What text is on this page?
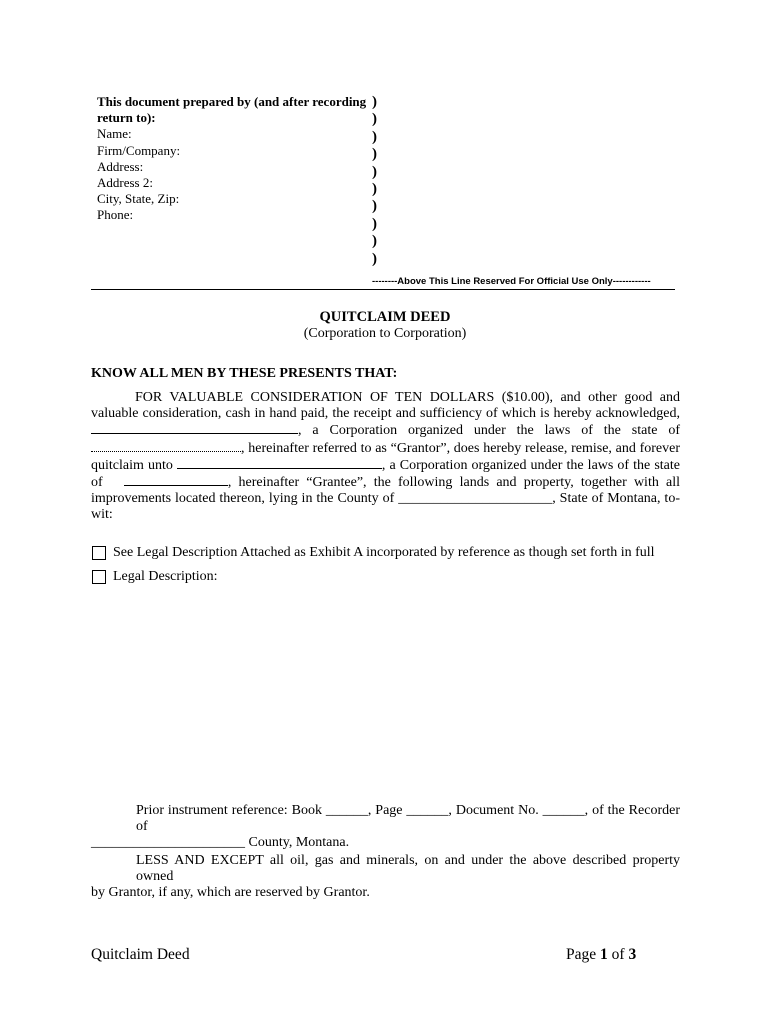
This document prepared by (and after recording
return to):
Name:
Firm/Company:
Address:
Address 2:
City, State, Zip:
Phone:
)
)
)
)
)
)
)
)
)
)
--------Above This Line Reserved For Official Use Only------------
QUITCLAIM DEED
(Corporation to Corporation)
KNOW ALL MEN BY THESE PRESENTS THAT:
FOR VALUABLE CONSIDERATION OF TEN DOLLARS ($10.00), and other good and
valuable consideration, cash in hand paid, the receipt and sufficiency of which is hereby acknowledged,
, a Corporation organized under the laws of the state of
, hereinafter referred to as “Grantor”, does hereby release, remise, and forever
quitclaim unto	, a Corporation organized under the laws of the state
of	, hereinafter “Grantee”, the following lands and property, together with all
improvements located thereon, lying in the County of ______________________, State of Montana, to-
wit:
See Legal Description Attached as Exhibit A incorporated by reference as though set forth in full
Legal Description:
Prior instrument reference: Book ______, Page ______, Document No. ______, of the Recorder of
______________________ County, Montana.
LESS AND EXCEPT all oil, gas and minerals, on and under the above described property owned
by Grantor, if any, which are reserved by Grantor.
Quitclaim Deed	Page 1 of 3
